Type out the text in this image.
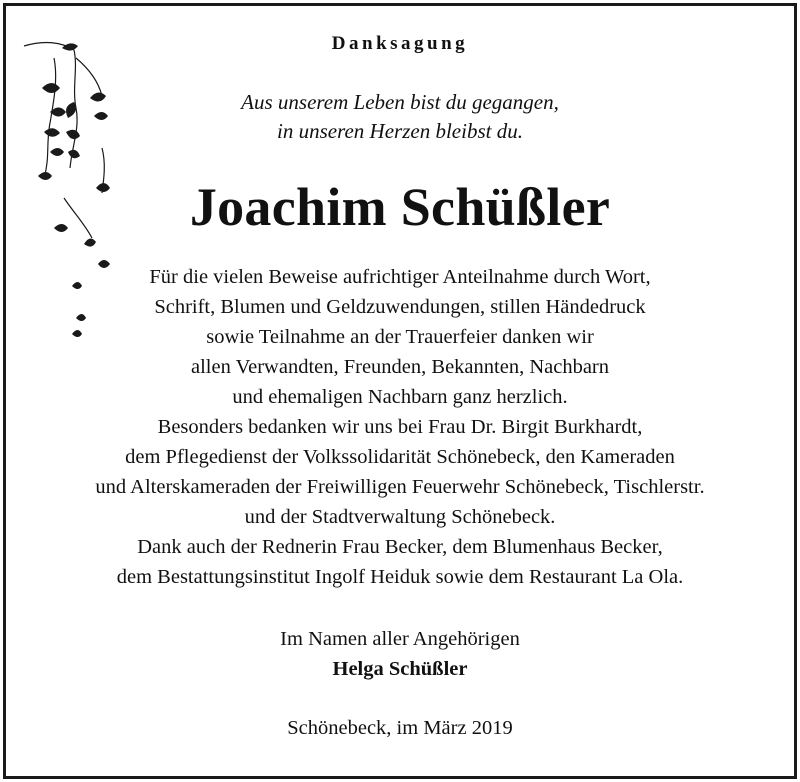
Danksagung
Aus unserem Leben bist du gegangen,
in unseren Herzen bleibst du.
Joachim Schüßler
Für die vielen Beweise aufrichtiger Anteilnahme durch Wort,
Schrift, Blumen und Geldzuwendungen, stillen Händedruck
sowie Teilnahme an der Trauerfeier danken wir
allen Verwandten, Freunden, Bekannten, Nachbarn
und ehemaligen Nachbarn ganz herzlich.
Besonders bedanken wir uns bei Frau Dr. Birgit Burkhardt,
dem Pflegedienst der Volkssolidarität Schönebeck, den Kameraden
und Alterskameraden der Freiwilligen Feuerwehr Schönebeck, Tischlerstr.
und der Stadtverwaltung Schönebeck.
Dank auch der Rednerin Frau Becker, dem Blumenhaus Becker,
dem Bestattungsinstitut Ingolf Heiduk sowie dem Restaurant La Ola.
Im Namen aller Angehörigen
Helga Schüßler
Schönebeck, im März 2019
